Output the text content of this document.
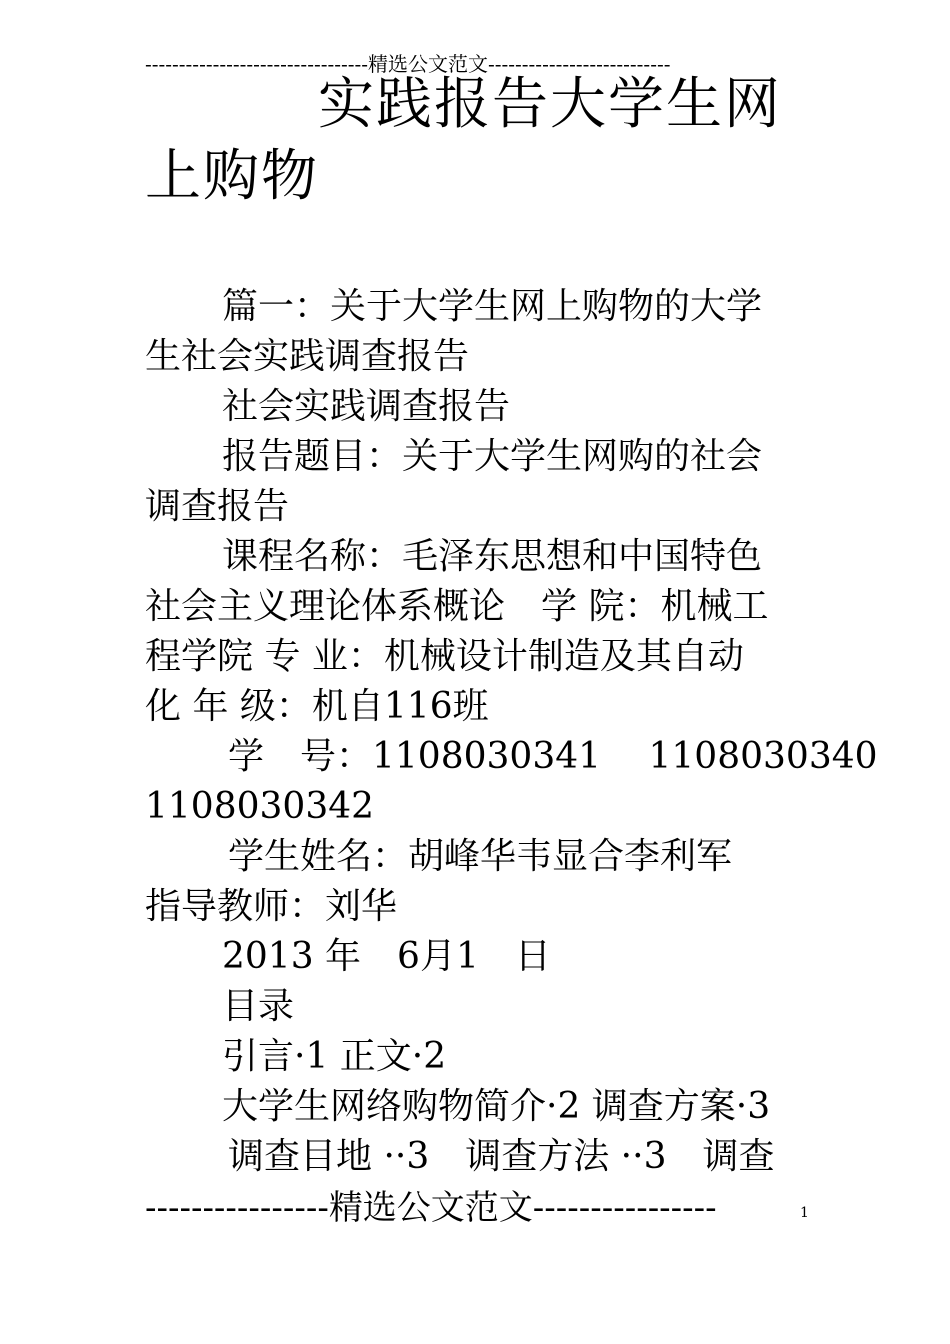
---------------------------------精选公文范文---------------------------
实践报告大学生网
上购物
篇一：关于大学生网上购物的大学
生社会实践调查报告
社会实践调查报告
报告题目：关于大学生网购的社会
调查报告
课程名称：毛泽东思想和中国特色
社会主义理论体系概论　学 院：机械工
程学院 专 业：机械设计制造及其自动
化 年 级：机自116班
学　号：1108030341　 1108030340
1108030342
学生姓名：胡峰华韦显合李利军
指导教师：刘华
2013 年　6月1　日
目录
引言·1 正文·2
大学生网络购物简介·2 调查方案·3
调查目地 ··3　调查方法 ··3　调查
----------------精选公文范文----------------	1
